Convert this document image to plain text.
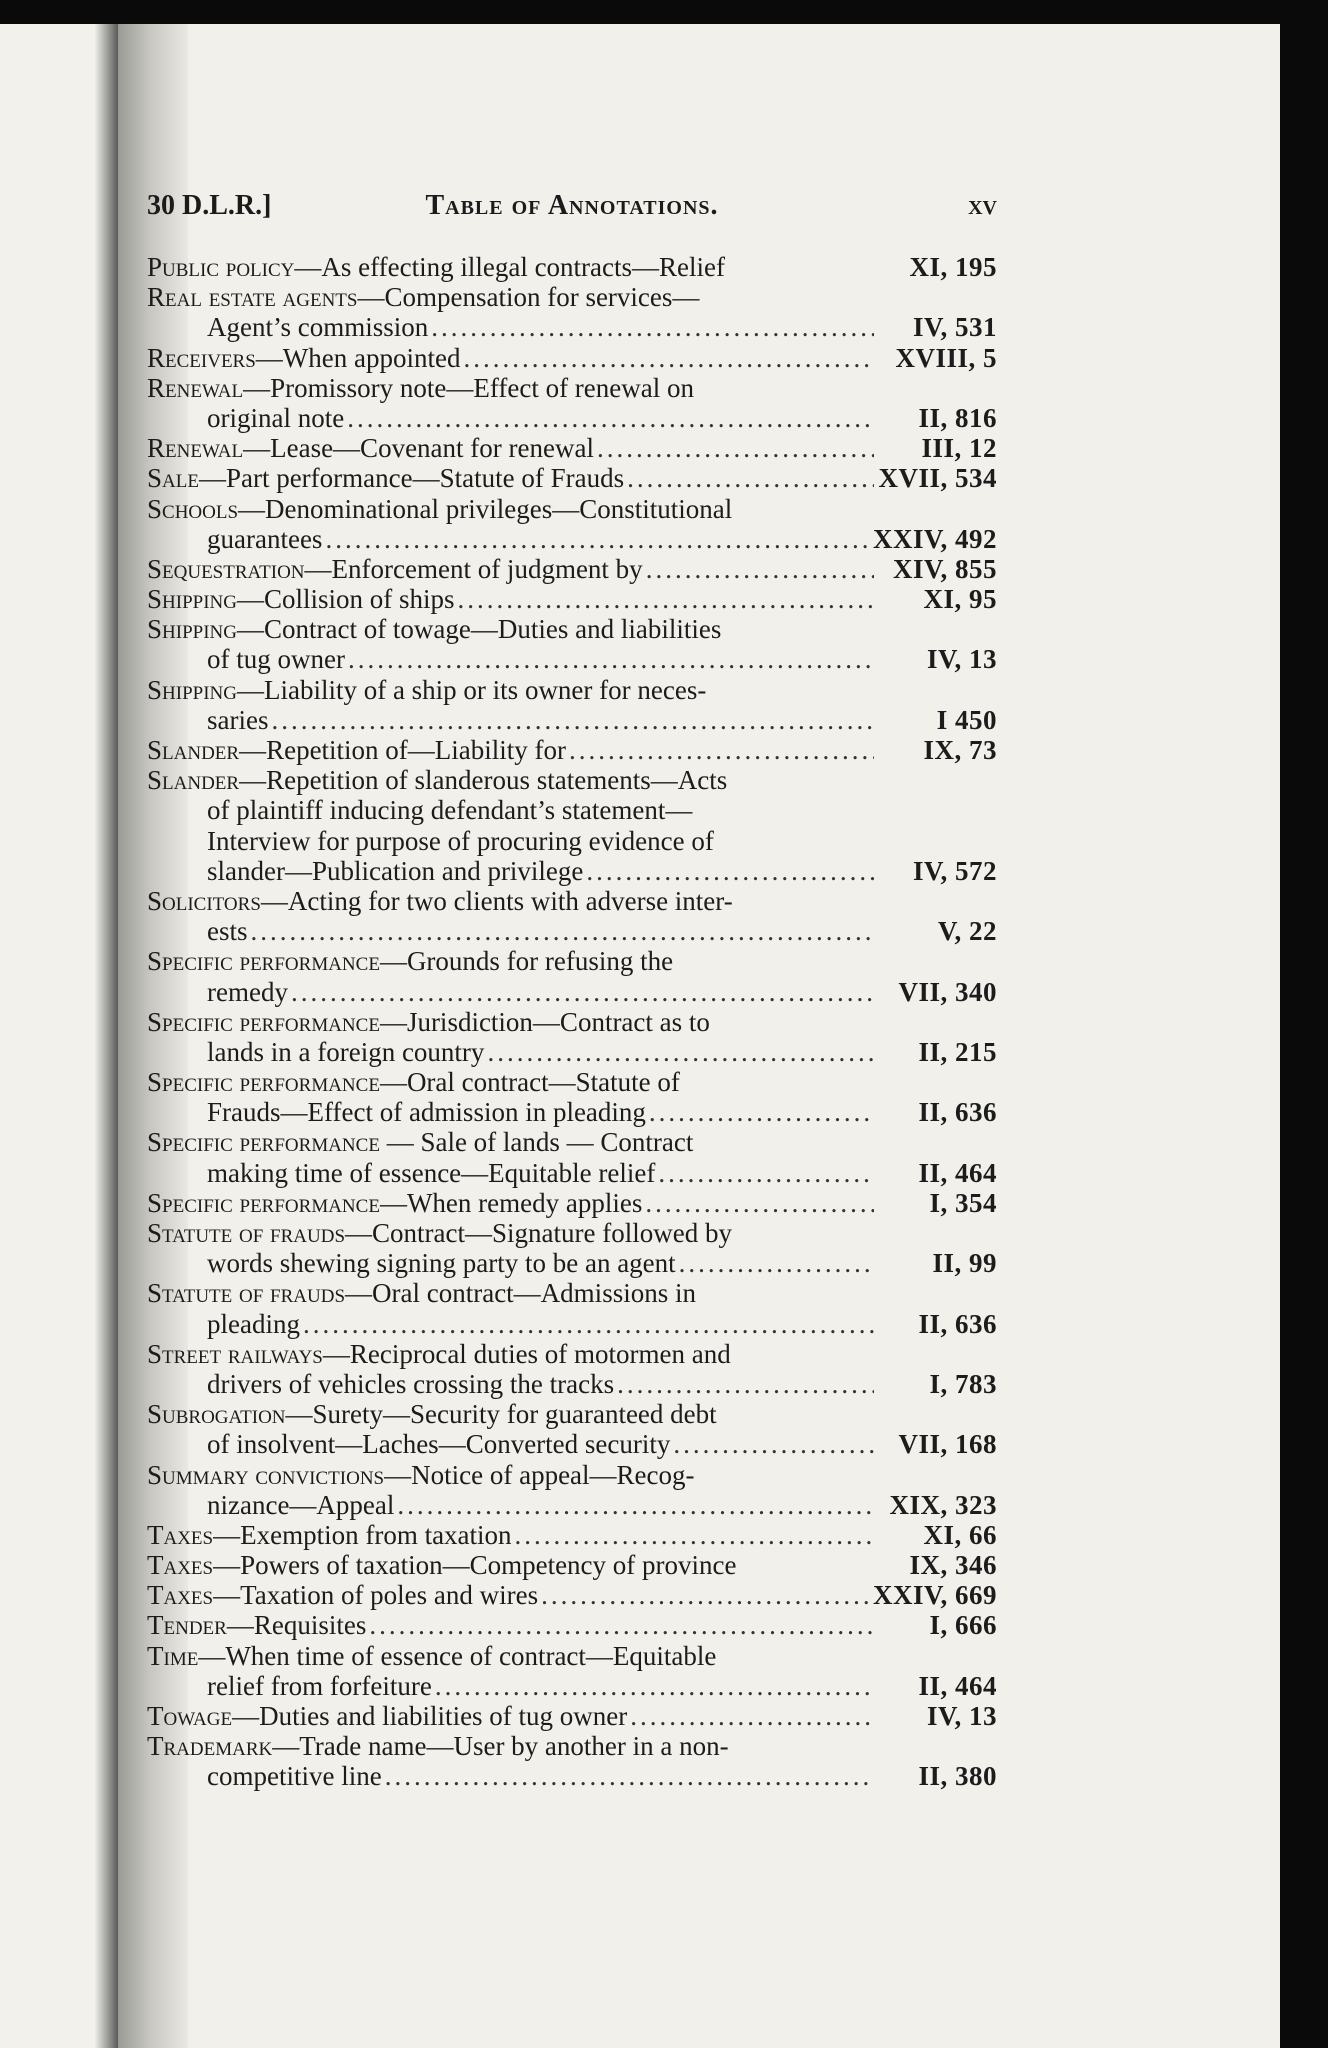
30 D.L.R.]	Table of Annotations.	xv
Public policy—As effecting illegal contracts—Relief	XI, 195
Real estate agents—Compensation for services—
Agent’s commission .....	IV, 531
Receivers—When appointed .....	XVIII, 5
Renewal—Promissory note—Effect of renewal on
original note .....	II, 816
Renewal—Lease—Covenant for renewal .....	III, 12
Sale—Part performance—Statute of Frauds .....	XVII, 534
Schools—Denominational privileges—Constitutional
guarantees .....	XXIV, 492
Sequestration—Enforcement of judgment by .....	XIV, 855
Shipping—Collision of ships .....	XI, 95
Shipping—Contract of towage—Duties and liabilities
of tug owner .....	IV, 13
Shipping—Liability of a ship or its owner for neces-
saries .....	I 450
Slander—Repetition of—Liability for .....	IX, 73
Slander—Repetition of slanderous statements—Acts
of plaintiff inducing defendant’s statement—
Interview for purpose of procuring evidence of
slander—Publication and privilege .....	IV, 572
Solicitors—Acting for two clients with adverse inter-
ests .....	V, 22
Specific performance—Grounds for refusing the
remedy .....	VII, 340
Specific performance—Jurisdiction—Contract as to
lands in a foreign country .....	II, 215
Specific performance—Oral contract—Statute of
Frauds—Effect of admission in pleading .....	II, 636
Specific performance — Sale of lands — Contract
making time of essence—Equitable relief .....	II, 464
Specific performance—When remedy applies .....	I, 354
Statute of frauds—Contract—Signature followed by
words shewing signing party to be an agent .....	II, 99
Statute of frauds—Oral contract—Admissions in
pleading .....	II, 636
Street railways—Reciprocal duties of motormen and
drivers of vehicles crossing the tracks .....	I, 783
Subrogation—Surety—Security for guaranteed debt
of insolvent—Laches—Converted security .....	VII, 168
Summary convictions—Notice of appeal—Recog-
nizance—Appeal .....	XIX, 323
Taxes—Exemption from taxation .....	XI, 66
Taxes—Powers of taxation—Competency of province	IX, 346
Taxes—Taxation of poles and wires .....	XXIV, 669
Tender—Requisites .....	I, 666
Time—When time of essence of contract—Equitable
relief from forfeiture .....	II, 464
Towage—Duties and liabilities of tug owner .....	IV, 13
Trademark—Trade name—User by another in a non-
competitive line .....	II, 380
